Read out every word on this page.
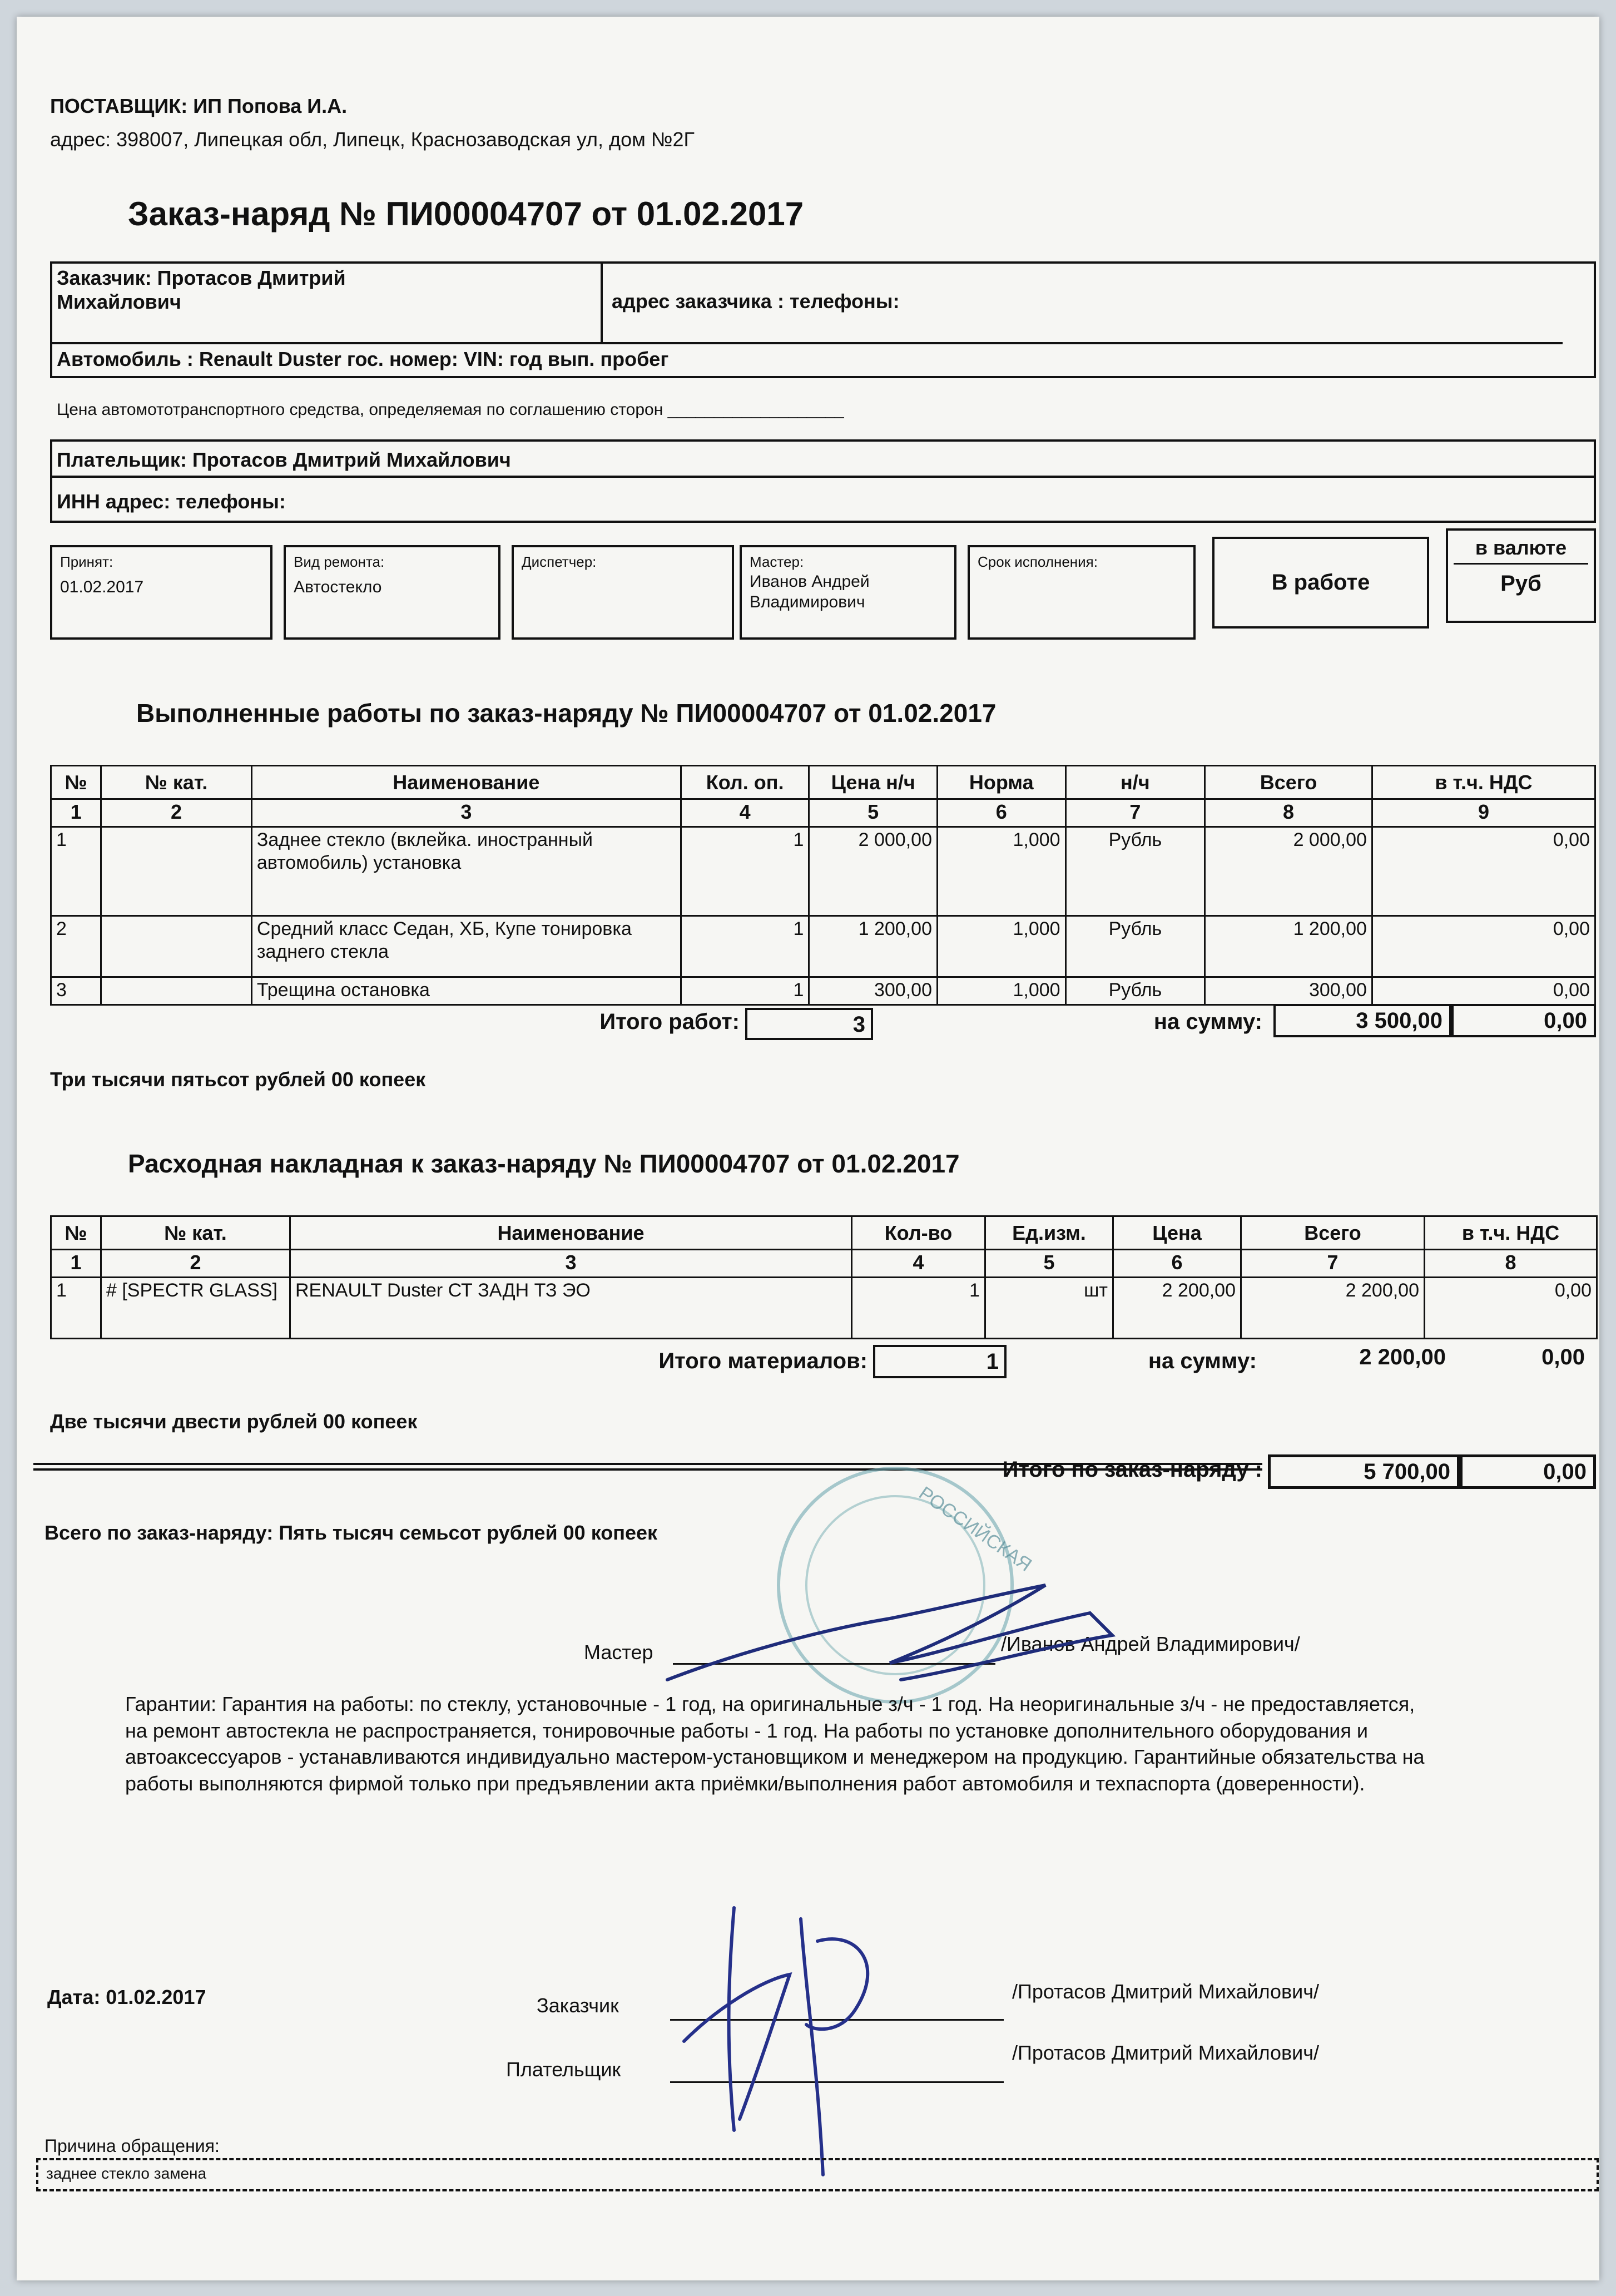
ПОСТАВЩИК: ИП Попова И.А.
адрес: 398007, Липецкая обл, Липецк, Краснозаводская ул, дом №2Г
Заказ-наряд № ПИ00004707 от 01.02.2017
Заказчик: Протасов Дмитрий
Михайлович	адрес заказчика : телефоны:
Автомобиль : Renault Duster гос. номер: VIN: год вып. пробег
Цена автомототранспортного средства, определяемая по соглашению сторон ___________________
Плательщик: Протасов Дмитрий Михайлович
ИНН адрес: телефоны:
Принят:
01.02.2017
Вид ремонта:
Автостекло
Диспетчер:	Мастер:
Иванов Андрей
Владимирович
Срок исполнения:
В работе
в валюте
Руб
Выполненные работы по заказ-наряду № ПИ00004707 от 01.02.2017
№	№ кат.	Наименование	Кол. оп.	Цена н/ч	Норма	н/ч	Всего	в т.ч. НДС
1	2	3	4	5	6	7	8	9
1		Заднее стекло (вклейка. иностранный автомобиль) установка	1	2 000,00	1,000	Рубль	2 000,00	0,00
2		Средний класс Седан, ХБ, Купе тонировка заднего стекла	1	1 200,00	1,000	Рубль	1 200,00	0,00
3		Трещина остановка	1	300,00	1,000	Рубль	300,00	0,00
Итого работ:	3	на сумму:	3 500,00	0,00
Три тысячи пятьсот рублей 00 копеек
Расходная накладная к заказ-наряду № ПИ00004707 от 01.02.2017
№	№ кат.	Наименование	Кол-во	Ед.изм.	Цена	Всего	в т.ч. НДС
1	2	3	4	5	6	7	8
1	# [SPECTR GLASS]	RENAULT Duster СТ ЗАДН ТЗ ЭО	1	шт	2 200,00	2 200,00	0,00
Итого материалов:	1	на сумму:	2 200,00	0,00
Две тысячи двести рублей 00 копеек
Итого по заказ-наряду :	5 700,00	0,00
Всего по заказ-наряду: Пять тысяч семьсот рублей 00 копеек	РОССИЙСКАЯ
Мастер	/Иванов Андрей Владимирович/
Гарантии: Гарантия на работы: по стеклу, установочные - 1 год, на оригинальные з/ч - 1 год. На неоригинальные з/ч - не предоставляется, на ремонт автостекла не распространяется, тонировочные работы - 1 год. На работы по установке дополнительного оборудования и автоаксессуаров - устанавливаются индивидуально мастером-установщиком и менеджером на продукцию. Гарантийные обязательства на работы выполняются фирмой только при предъявлении акта приёмки/выполнения работ автомобиля и техпаспорта (доверенности).
Дата: 01.02.2017	Заказчик
/Протасов Дмитрий Михайлович/
Плательщик
/Протасов Дмитрий Михайлович/
Причина обращения:
заднее стекло замена
